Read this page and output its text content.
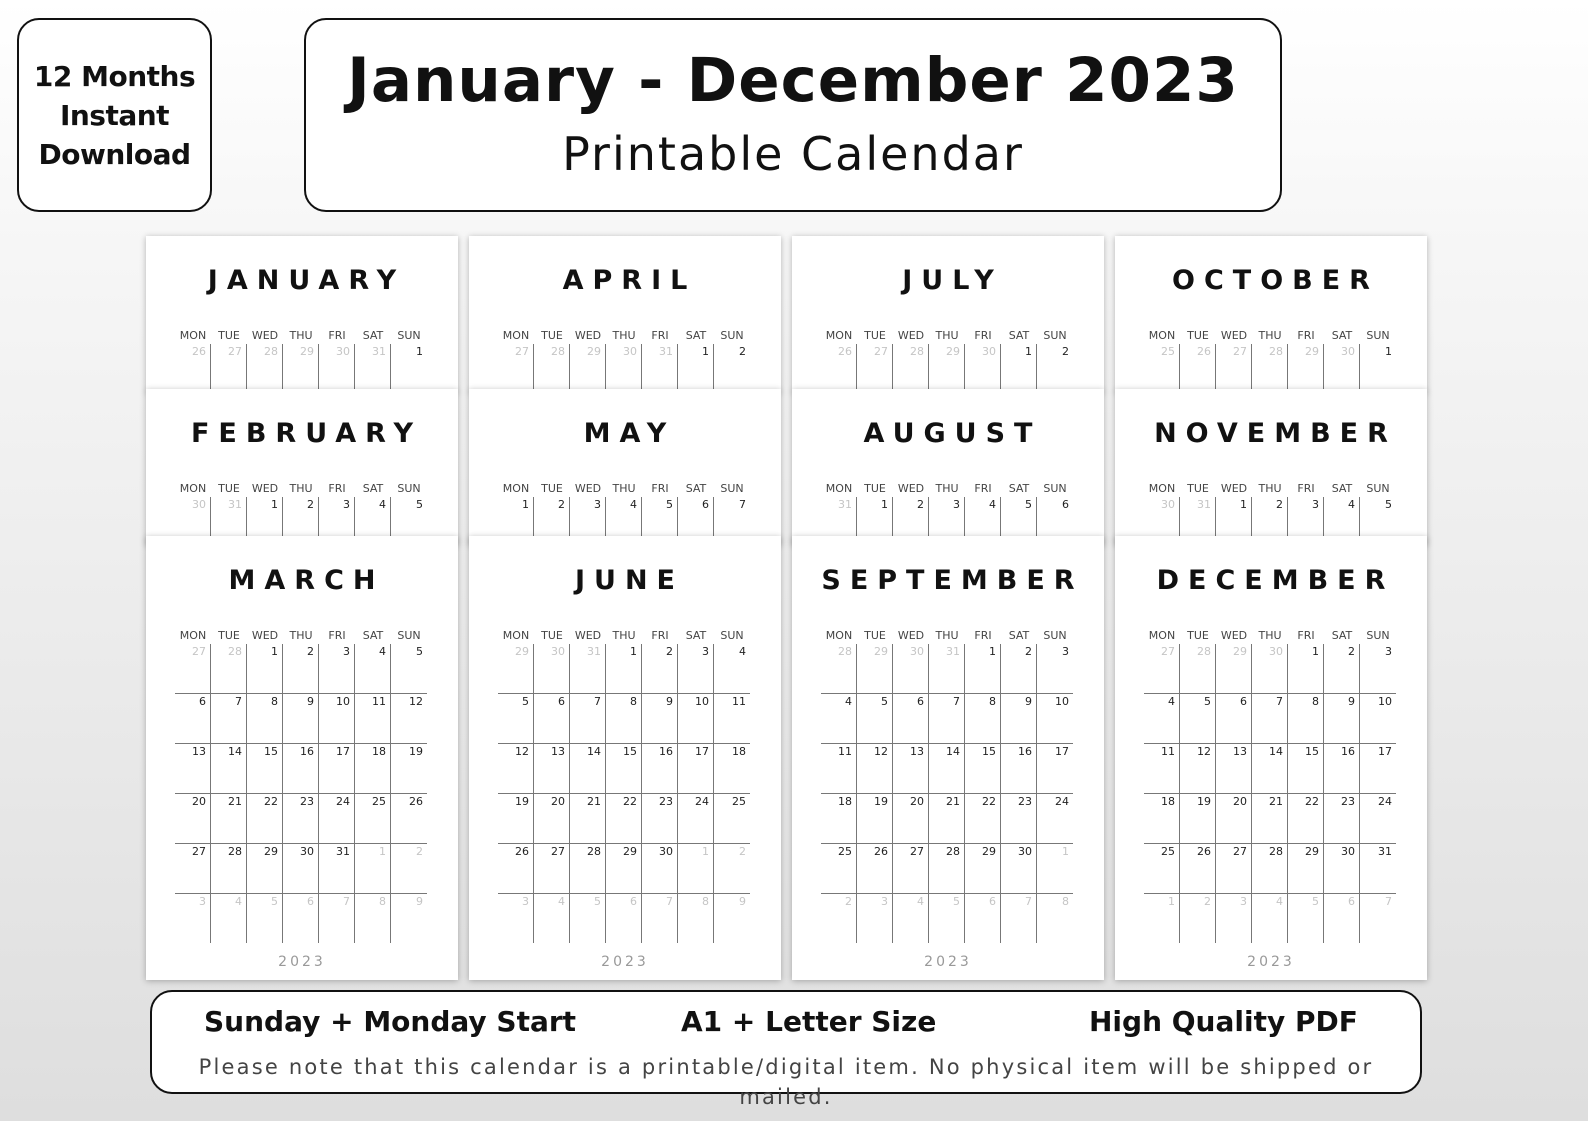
12 Months
Instant
Download
January - December 2023
Printable Calendar
JANUARY
MON	TUE	WED	THU	FRI	SAT	SUN
26	27	28	29	30	31	1
FEBRUARY
MON	TUE	WED	THU	FRI	SAT	SUN
30	31	1	2	3	4	5
MARCH
MON	TUE	WED	THU	FRI	SAT	SUN
27	28	1	2	3	4	5
6	7	8	9	10	11	12
13	14	15	16	17	18	19
20	21	22	23	24	25	26
27	28	29	30	31	1	2
3	4	5	6	7	8	9
2023
APRIL
MON	TUE	WED	THU	FRI	SAT	SUN
27	28	29	30	31	1	2
MAY
MON	TUE	WED	THU	FRI	SAT	SUN
1	2	3	4	5	6	7
JUNE
MON	TUE	WED	THU	FRI	SAT	SUN
29	30	31	1	2	3	4
5	6	7	8	9	10	11
12	13	14	15	16	17	18
19	20	21	22	23	24	25
26	27	28	29	30	1	2
3	4	5	6	7	8	9
2023
JULY
MON	TUE	WED	THU	FRI	SAT	SUN
26	27	28	29	30	1	2
AUGUST
MON	TUE	WED	THU	FRI	SAT	SUN
31	1	2	3	4	5	6
SEPTEMBER
MON	TUE	WED	THU	FRI	SAT	SUN
28	29	30	31	1	2	3
4	5	6	7	8	9	10
11	12	13	14	15	16	17
18	19	20	21	22	23	24
25	26	27	28	29	30	1
2	3	4	5	6	7	8
2023
OCTOBER
MON	TUE	WED	THU	FRI	SAT	SUN
25	26	27	28	29	30	1
NOVEMBER
MON	TUE	WED	THU	FRI	SAT	SUN
30	31	1	2	3	4	5
DECEMBER
MON	TUE	WED	THU	FRI	SAT	SUN
27	28	29	30	1	2	3
4	5	6	7	8	9	10
11	12	13	14	15	16	17
18	19	20	21	22	23	24
25	26	27	28	29	30	31
1	2	3	4	5	6	7
2023
Sunday + Monday Start	A1 + Letter Size	High Quality PDF
Please note that this calendar is a printable/digital item. No physical item will be shipped or mailed.
